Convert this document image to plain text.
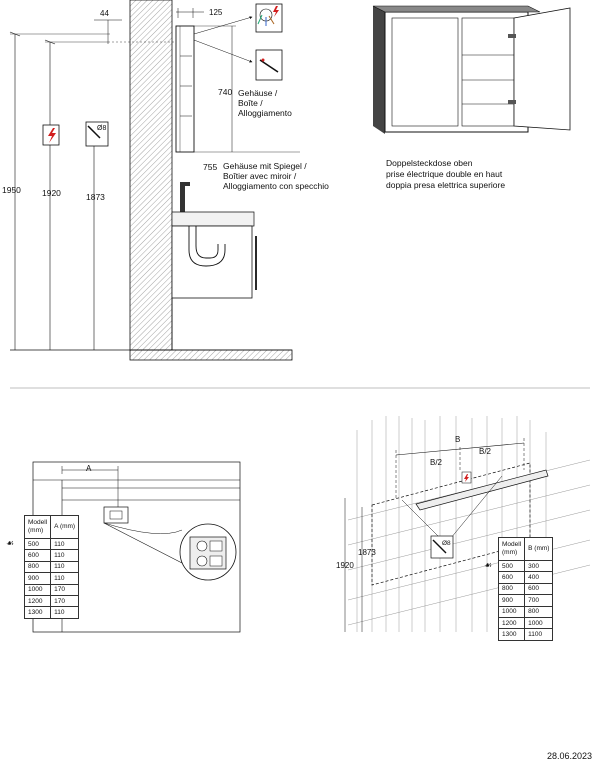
1950 1920	1873
Ø8
44	125
740
755	Doppelsteckdose oben
prise électrique double en haut
doppia presa elettrica superiore
A
☙
B
B/2
B/2
Ø8
1920
1873
☙
Gehäuse /
Boîte /
Alloggiamento
Gehäuse mit Spiegel /
Boîtier avec miroir /
Alloggiamento con specchio
Modell
(mm)	A (mm)
500	110
600	110
800	110
900	110
1000	170
1200	170
1300	110
Modell
(mm)	B (mm)
500	300
600	400
800	600
900	700
1000	800
1200	1000
1300	1100
28.06.2023
